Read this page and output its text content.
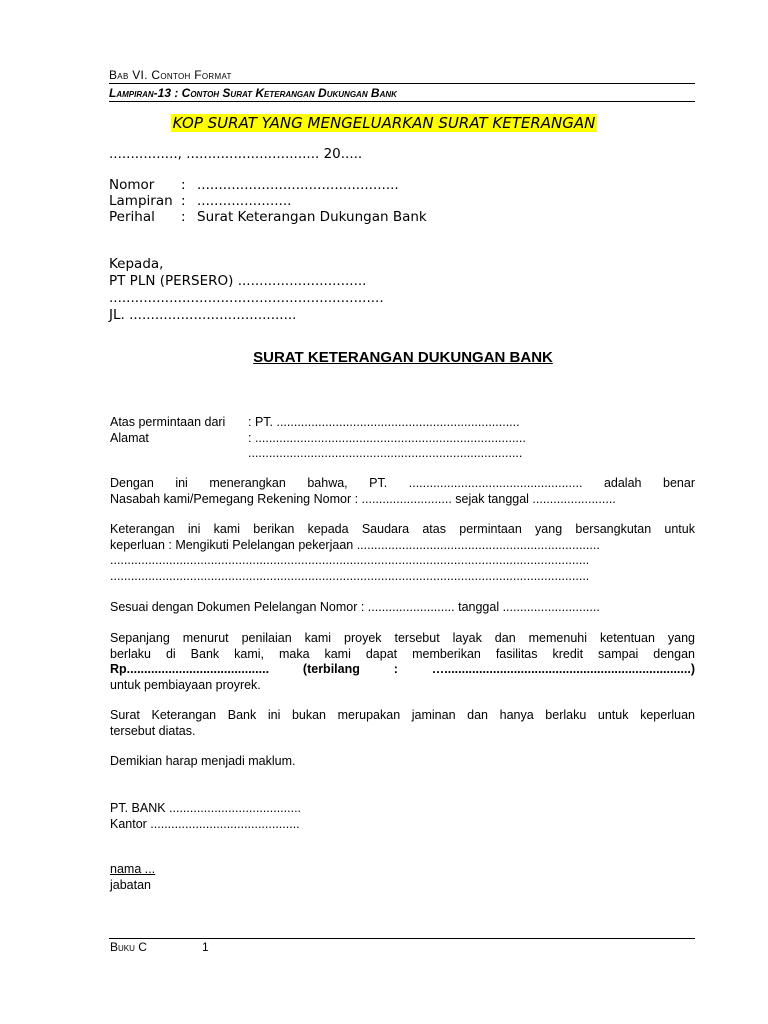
Bab VI. Contoh Format
Lampiran-13 : Contoh Surat Keterangan Dukungan Bank
KOP SURAT YANG MENGELUARKAN SURAT KETERANGAN
................, ............................... 20.....
Nomor : ...............................................
Lampiran : ......................
Perihal : Surat Keterangan Dukungan Bank
Kepada,
PT PLN (PERSERO) ..............................
................................................................
JL. .......................................
SURAT KETERANGAN DUKUNGAN BANK
Atas permintaan dari : PT. ......................................................................
Alamat	: ..............................................................................
...............................................................................
Dengan ini menerangkan bahwa, PT. .................................................. adalah benar
Nasabah kami/Pemegang Rekening Nomor : .......................... sejak tanggal ........................
Keterangan ini kami berikan kepada Saudara atas permintaan yang bersangkutan untuk
keperluan : Mengikuti Pelelangan pekerjaan ......................................................................
..........................................................................................................................................
..........................................................................................................................................
Sesuai dengan Dokumen Pelelangan Nomor : ......................... tanggal ............................
Sepanjang menurut penilaian kami proyek tersebut layak dan memenuhi ketentuan yang
berlaku di Bank kami, maka kami dapat memberikan fasilitas kredit sampai dengan
Rp......................................... (terbilang : ….......................................................................)
untuk pembiayaan proyrek.
Surat Keterangan Bank ini bukan merupakan jaminan dan hanya berlaku untuk keperluan
tersebut diatas.
Demikian harap menjadi maklum.
PT. BANK ......................................
Kantor ...........................................
nama ...
jabatan
Buku C	1
